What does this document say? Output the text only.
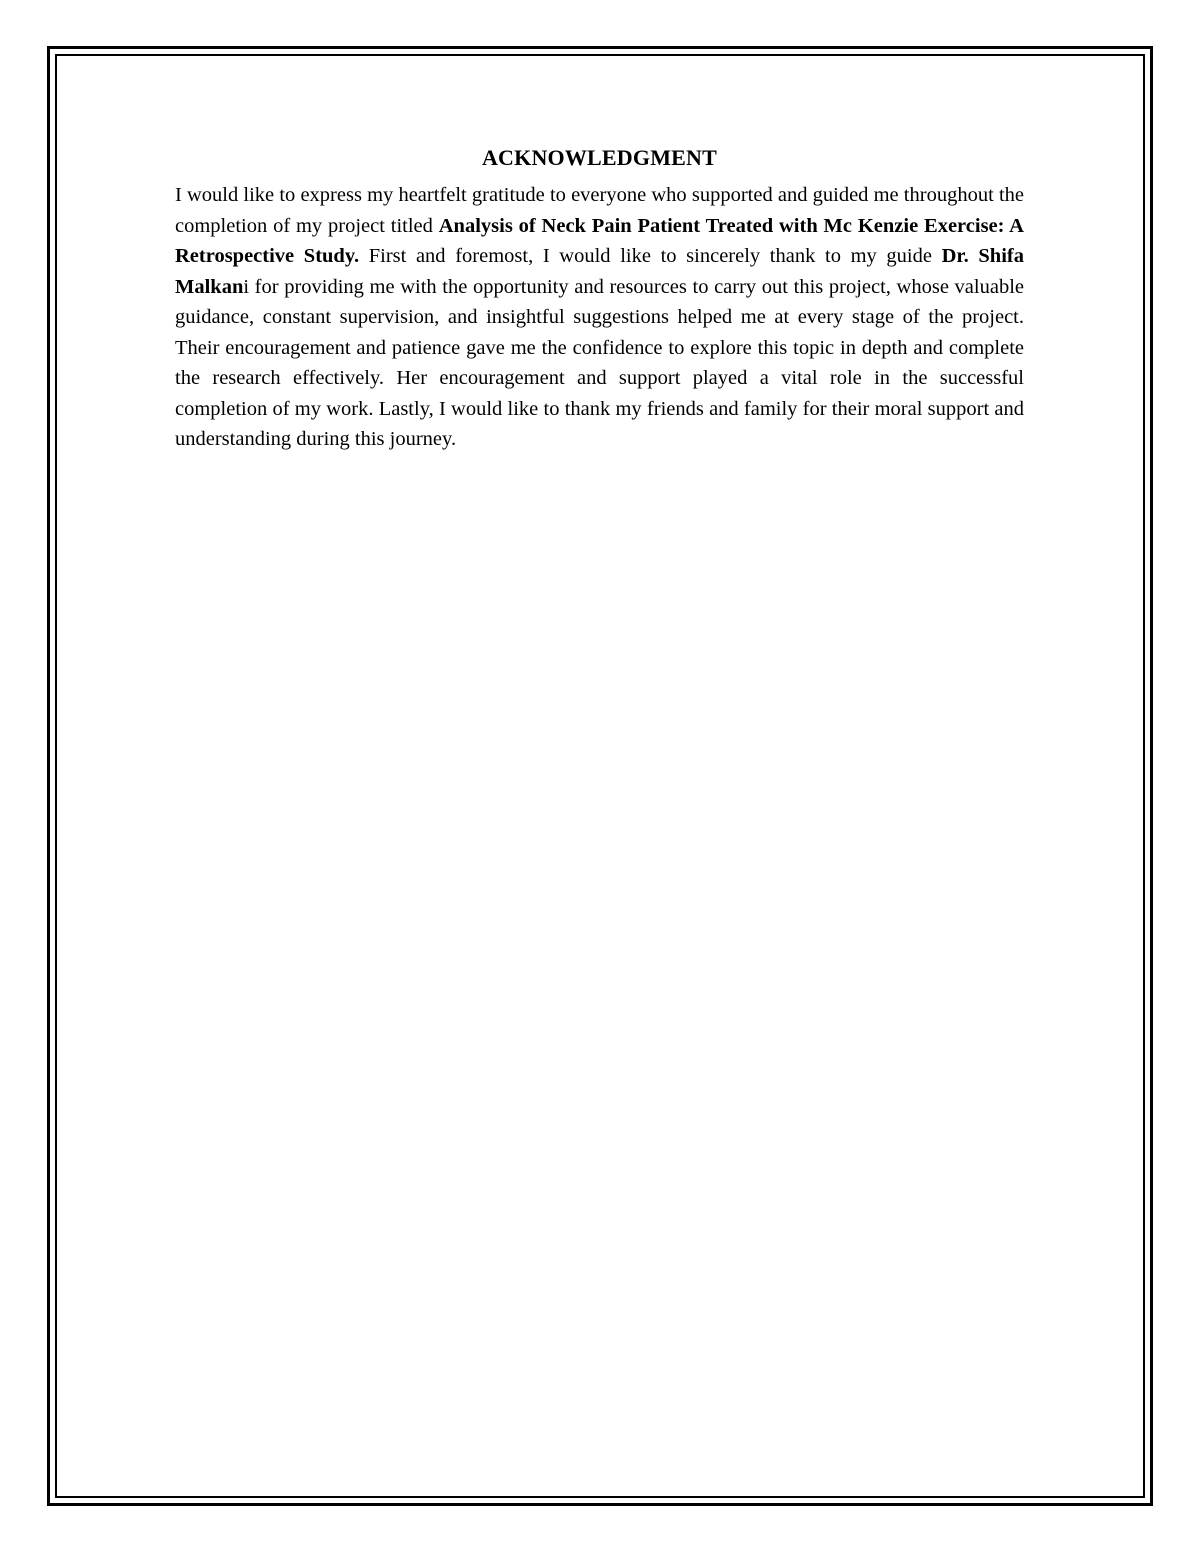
ACKNOWLEDGMENT

I would like to express my heartfelt gratitude to everyone who supported and guided me throughout the completion of my project titled Analysis of Neck Pain Patient Treated with Mc Kenzie Exercise: A Retrospective Study. First and foremost, I would like to sincerely thank to my guide Dr. Shifa Malkani for providing me with the opportunity and resources to carry out this project, whose valuable guidance, constant supervision, and insightful suggestions helped me at every stage of the project. Their encouragement and patience gave me the confidence to explore this topic in depth and complete the research effectively. Her encouragement and support played a vital role in the successful completion of my work. Lastly, I would like to thank my friends and family for their moral support and understanding during this journey.
